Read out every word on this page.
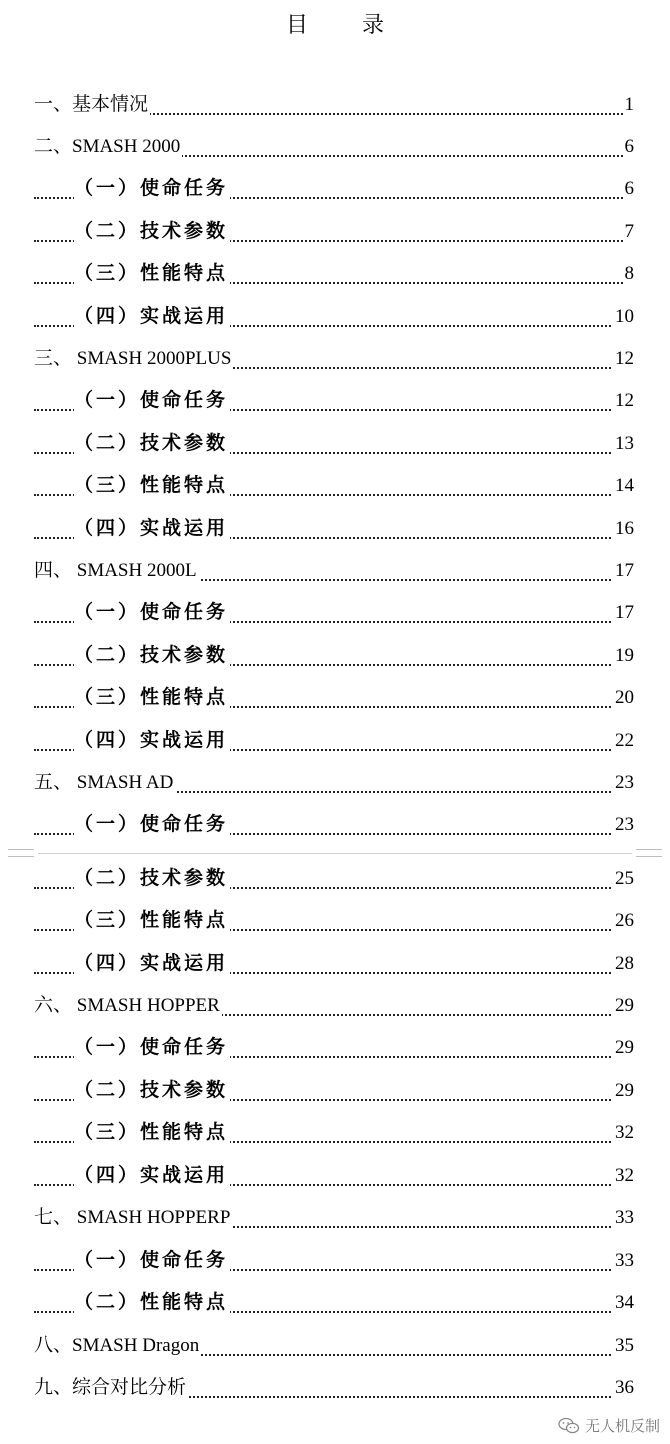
目　录
一、基本情况	1
二、SMASH 2000	6
（一）使命任务	6
（二）技术参数	7
（三）性能特点	8
（四）实战运用	10
三、 SMASH 2000PLUS	12
（一）使命任务	12
（二）技术参数	13
（三）性能特点	14
（四）实战运用	16
四、 SMASH 2000L	17
（一）使命任务	17
（二）技术参数	19
（三）性能特点	20
（四）实战运用	22
五、 SMASH AD	23
（一）使命任务	23
（二）技术参数	25
（三）性能特点	26
（四）实战运用	28
六、 SMASH HOPPER	29
（一）使命任务	29
（二）技术参数	29
（三）性能特点	32
（四）实战运用	32
七、 SMASH HOPPERP	33
（一）使命任务	33
（二）性能特点	34
八、SMASH Dragon	35
九、综合对比分析	36
无人机反制
